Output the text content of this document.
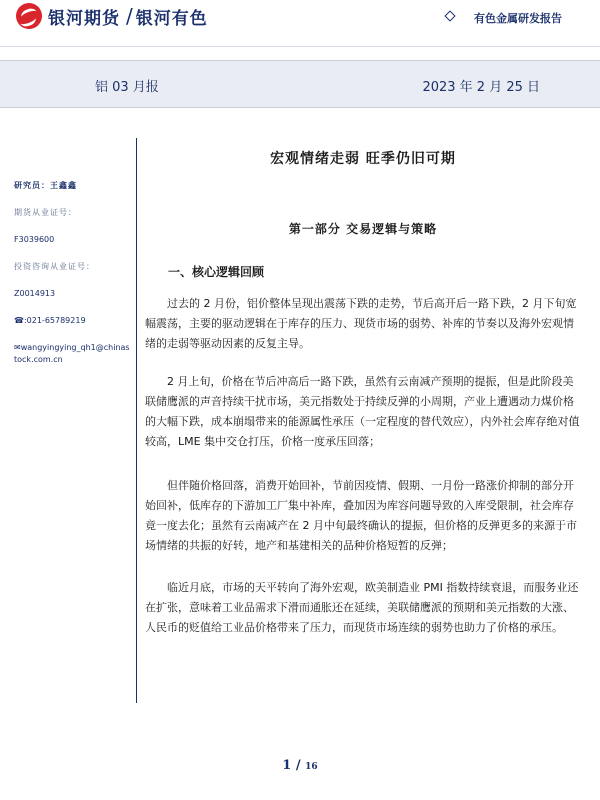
银河期货 / 银河有色	有色金属研发报告
铝 03 月报	2023 年 2 月 25 日
研究员：王鑫鑫
期货从业证号：
F3039600
投资咨询从业证号：
Z0014913
☎:021-65789219
✉wangyingying_qh1@chinastock.com.cn
宏观情绪走弱 旺季仍旧可期
第一部分 交易逻辑与策略
一、核心逻辑回顾
过去的 2 月份，铝价整体呈现出震荡下跌的走势，节后高开后一路下跌，2 月下旬宽幅震荡，主要的驱动逻辑在于库存的压力、现货市场的弱势、补库的节奏以及海外宏观情绪的走弱等驱动因素的反复主导。
2 月上旬，价格在节后冲高后一路下跌，虽然有云南减产预期的提振，但是此阶段美联储鹰派的声音持续干扰市场，美元指数处于持续反弹的小周期，产业上遭遇动力煤价格的大幅下跌，成本崩塌带来的能源属性承压（一定程度的替代效应），内外社会库存绝对值较高，LME 集中交仓打压，价格一度承压回落；
但伴随价格回落，消费开始回补，节前因疫情、假期、一月份一路涨价抑制的部分开始回补，低库存的下游加工厂集中补库，叠加因为库容问题导致的入库受限制，社会库存竟一度去化；虽然有云南减产在 2 月中旬最终确认的提振，但价格的反弹更多的来源于市场情绪的共振的好转，地产和基建相关的品种价格短暂的反弹；
临近月底，市场的天平转向了海外宏观，欧美制造业 PMI 指数持续衰退，而服务业还在扩张，意味着工业品需求下滑而通胀还在延续，美联储鹰派的预期和美元指数的大涨、人民币的贬值给工业品价格带来了压力，而现货市场连续的弱势也助力了价格的承压。
1 / 16
